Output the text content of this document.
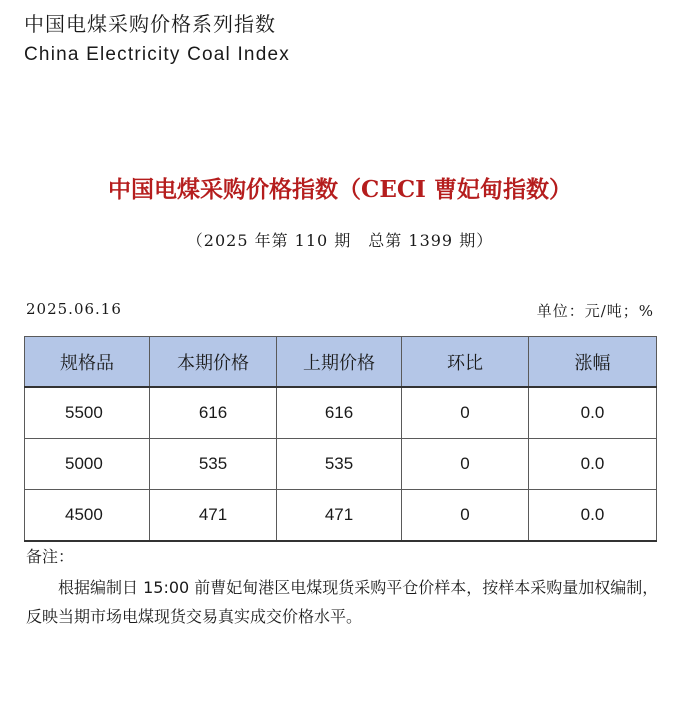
中国电煤采购价格系列指数
China Electricity Coal Index
中国电煤采购价格指数（CECI 曹妃甸指数）
（2025 年第 110 期　总第 1399 期）
2025.06.16	单位：元/吨；%
规格品	本期价格	上期价格	环比	涨幅
5500	616	616	0	0.0
5000	535	535	0	0.0
4500	471	471	0	0.0
备注：
根据编制日 15:00 前曹妃甸港区电煤现货采购平仓价样本，按样本采购量加权编制，反映当期市场电煤现货交易真实成交价格水平。
